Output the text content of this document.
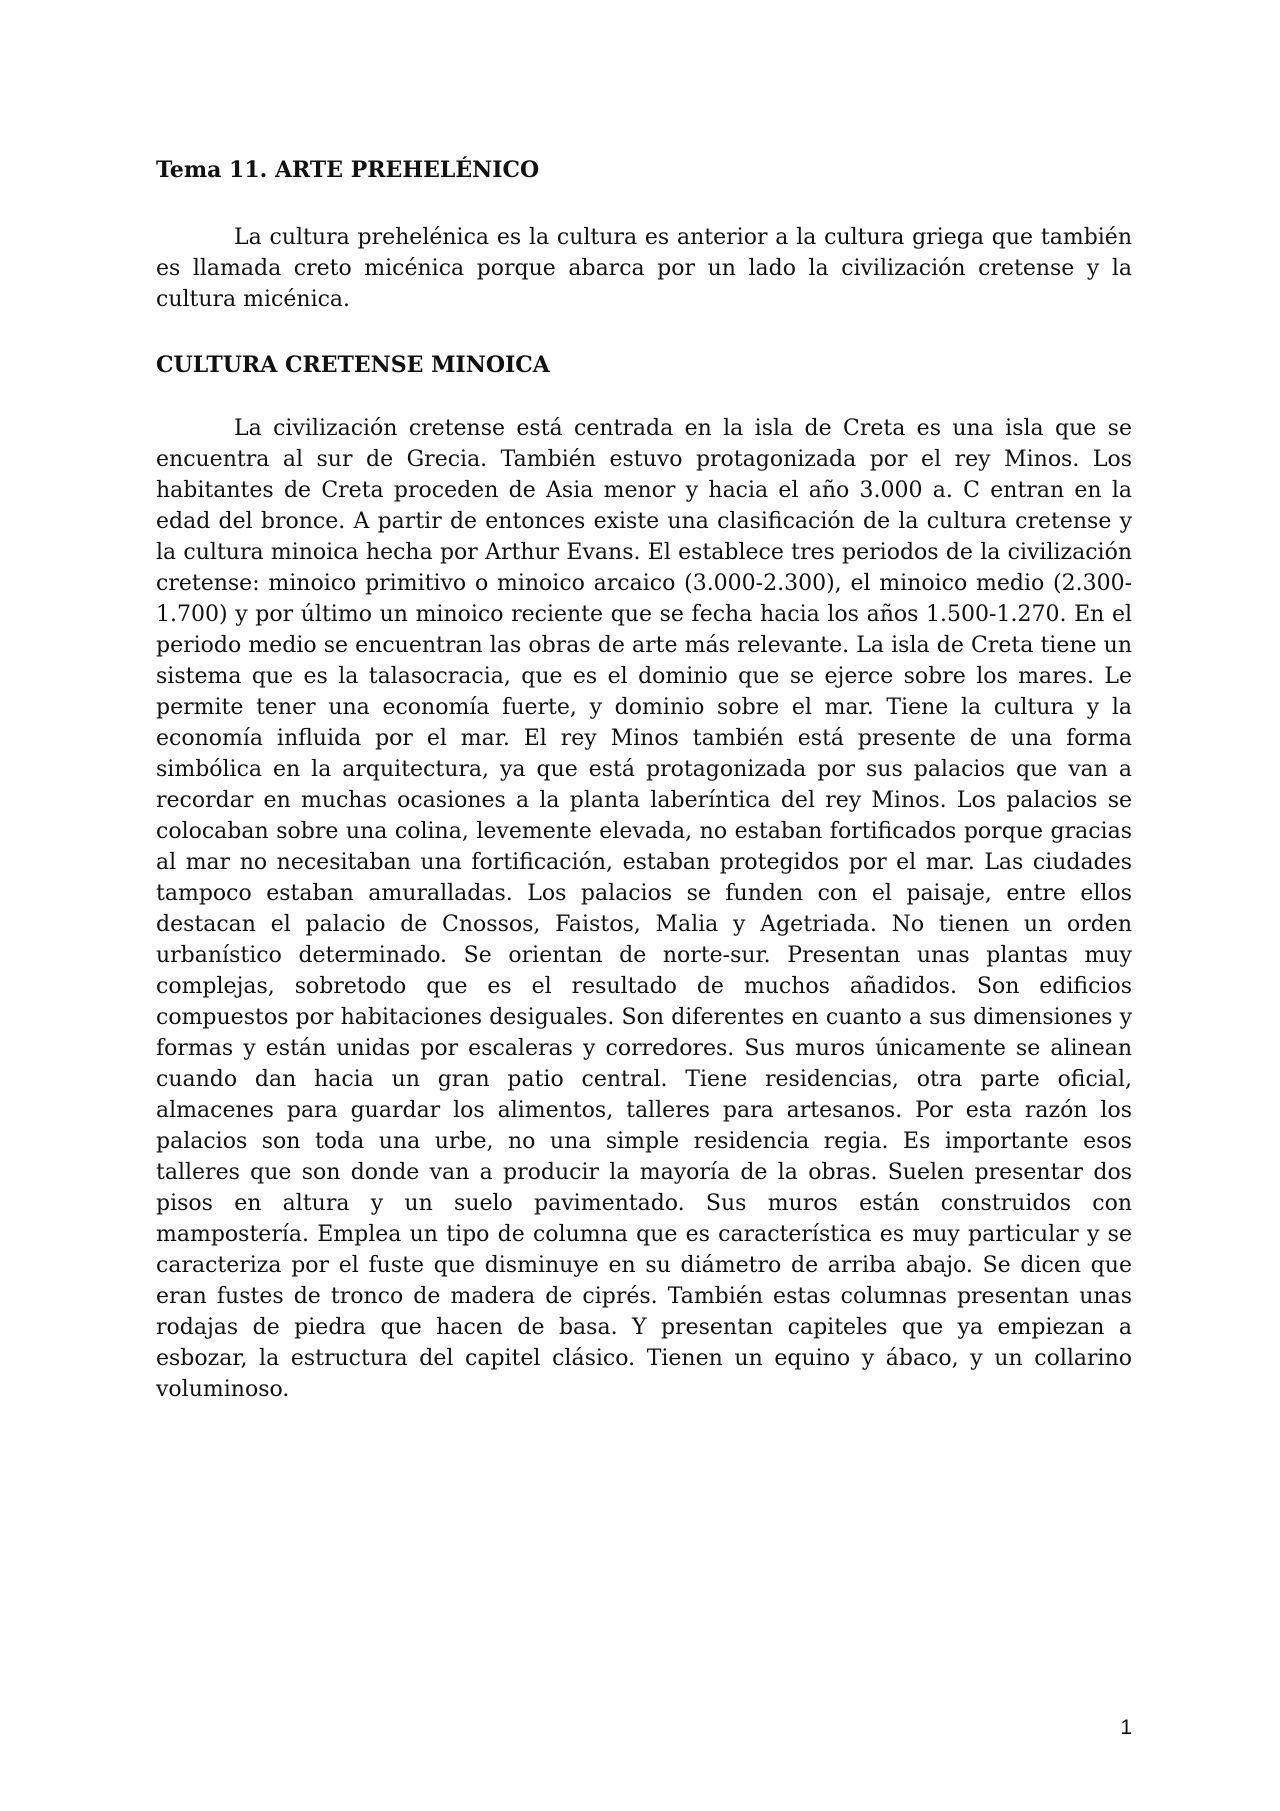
Tema 11. ARTE PREHELÉNICO

La cultura prehelénica es la cultura es anterior a la cultura griega que también es llamada creto micénica porque abarca por un lado la civilización cretense y la cultura micénica.

CULTURA CRETENSE MINOICA

La civilización cretense está centrada en la isla de Creta es una isla que se encuentra al sur de Grecia. También estuvo protagonizada por el rey Minos. Los habitantes de Creta proceden de Asia menor y hacia el año 3.000 a. C entran en la edad del bronce. A partir de entonces existe una clasificación de la cultura cretense y la cultura minoica hecha por Arthur Evans. El establece tres periodos de la civilización cretense: minoico primitivo o minoico arcaico (3.000-2.300), el minoico medio (2.300-1.700) y por último un minoico reciente que se fecha hacia los años 1.500-1.270. En el periodo medio se encuentran las obras de arte más relevante. La isla de Creta tiene un sistema que es la talasocracia, que es el dominio que se ejerce sobre los mares. Le permite tener una economía fuerte, y dominio sobre el mar. Tiene la cultura y la economía influida por el mar. El rey Minos también está presente de una forma simbólica en la arquitectura, ya que está protagonizada por sus palacios que van a recordar en muchas ocasiones a la planta laberíntica del rey Minos. Los palacios se colocaban sobre una colina, levemente elevada, no estaban fortificados porque gracias al mar no necesitaban una fortificación, estaban protegidos por el mar. Las ciudades tampoco estaban amuralladas. Los palacios se funden con el paisaje, entre ellos destacan el palacio de Cnossos, Faistos, Malia y Agetriada. No tienen un orden urbanístico determinado. Se orientan de norte-sur. Presentan unas plantas muy complejas, sobretodo que es el resultado de muchos añadidos. Son edificios compuestos por habitaciones desiguales. Son diferentes en cuanto a sus dimensiones y formas y están unidas por escaleras y corredores. Sus muros únicamente se alinean cuando dan hacia un gran patio central. Tiene residencias, otra parte oficial, almacenes para guardar los alimentos, talleres para artesanos. Por esta razón los palacios son toda una urbe, no una simple residencia regia. Es importante esos talleres que son donde van a producir la mayoría de la obras. Suelen presentar dos pisos en altura y un suelo pavimentado. Sus muros están construidos con mampostería. Emplea un tipo de columna que es característica es muy particular y se caracteriza por el fuste que disminuye en su diámetro de arriba abajo. Se dicen que eran fustes de tronco de madera de ciprés. También estas columnas presentan unas rodajas de piedra que hacen de basa. Y presentan capiteles que ya empiezan a esbozar, la estructura del capitel clásico. Tienen un equino y ábaco, y un collarino voluminoso.

1
